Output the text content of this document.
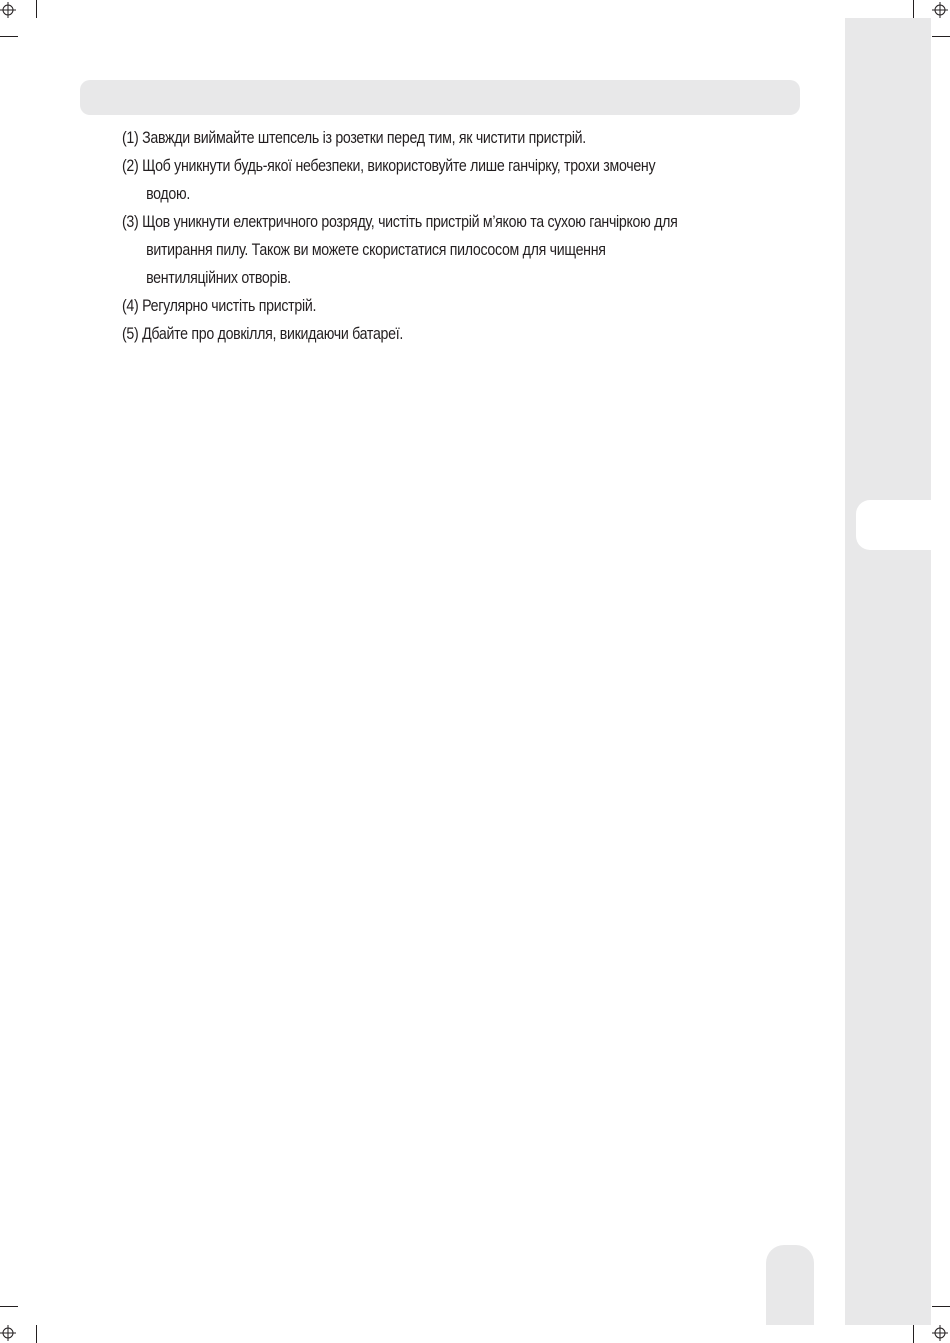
(1) Завжди виймайте штепсель із розетки перед тим, як чистити пристрій.
(2) Щоб уникнути будь-якої небезпеки, використовуйте лише ганчірку, трохи змочену водою.
(3) Щов уникнути електричного розряду, чистіть пристрій м’якою та сухою ганчіркою для витирання пилу. Також ви можете скористатися пилососом для чищення вентиляційних отворів.
(4) Регулярно чистіть пристрій.
(5) Дбайте про довкілля, викидаючи батареї.
